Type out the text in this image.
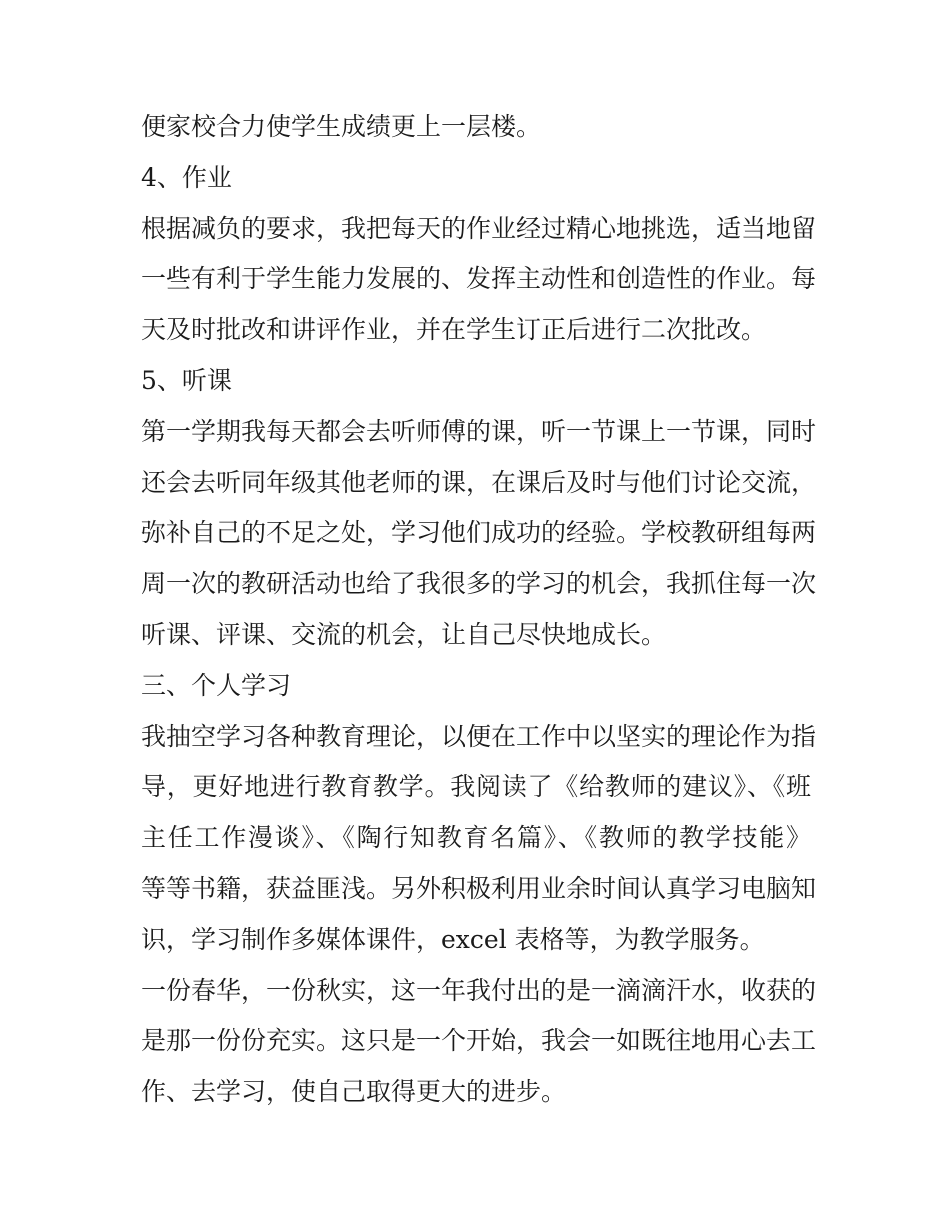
便家校合力使学生成绩更上一层楼。
4、作业
根据减负的要求，我把每天的作业经过精心地挑选，适当地留
一些有利于学生能力发展的、发挥主动性和创造性的作业。每
天及时批改和讲评作业，并在学生订正后进行二次批改。
5、听课
第一学期我每天都会去听师傅的课，听一节课上一节课，同时
还会去听同年级其他老师的课，在课后及时与他们讨论交流，
弥补自己的不足之处，学习他们成功的经验。学校教研组每两
周一次的教研活动也给了我很多的学习的机会，我抓住每一次
听课、评课、交流的机会，让自己尽快地成长。
三、个人学习
我抽空学习各种教育理论，以便在工作中以坚实的理论作为指
导，更好地进行教育教学。我阅读了《给教师的建议》、《班
主任工作漫谈》、《陶行知教育名篇》、《教师的教学技能》
等等书籍，获益匪浅。另外积极利用业余时间认真学习电脑知
识，学习制作多媒体课件，excel 表格等，为教学服务。
一份春华，一份秋实，这一年我付出的是一滴滴汗水，收获的
是那一份份充实。这只是一个开始，我会一如既往地用心去工
作、去学习，使自己取得更大的进步。
